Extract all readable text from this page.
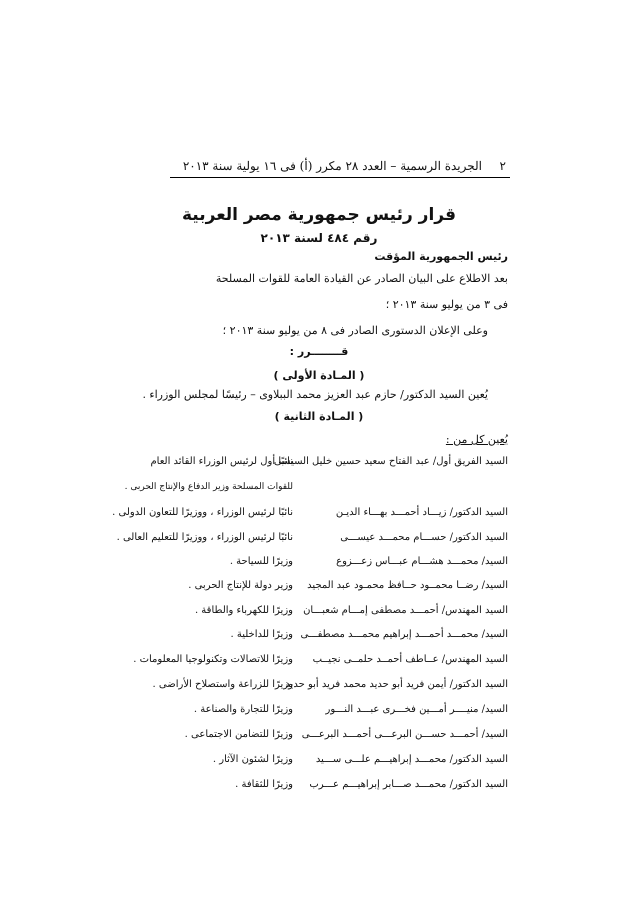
٢
الجريدة الرسمية – العدد ٢٨ مكرر (أ) فى ١٦ يولية سنة ٢٠١٣
قرار رئيس جمهورية مصر العربية
رقم ٤٨٤ لسنة ٢٠١٣
رئيس الجمهورية المؤقت
بعد الاطلاع على البيان الصادر عن القيادة العامة للقوات المسلحة
فى ٣ من يوليو سنة ٢٠١٣ ؛
وعلى الإعلان الدستورى الصادر فى ٨ من يوليو سنة ٢٠١٣ ؛
قــــــــرر :
( المـادة الأولى )
يُعين السيد الدكتور/ حازم عبد العزيز محمد الببلاوى – رئيسًا لمجلس الوزراء .
( المـادة الثانية )
يُعين كل من :
السيد الفريق أول/ عبد الفتاح سعيد حسين خليل السيسى
نائبًا أول لرئيس الوزراء القائد العام
للقوات المسلحة وزير الدفاع والإنتاج الحربى .
السيد الدكتور/ زيـــاد أحمـــد بهـــاء الديـن
نائبًا لرئيس الوزراء ، ووزيرًا للتعاون الدولى .
السيد الدكتور/ حســـام محمـــد عيســـى
نائبًا لرئيس الوزراء ، ووزيرًا للتعليم العالى .
السيد/ محمـــد هشـــام عبـــاس زعـــزوع
وزيرًا للسياحة .
السيد/ رضــا محمــود حــافظ محمـود عبد المجيد
وزير دولة للإنتاج الحربى .
السيد المهندس/ أحمـــد مصطفى إمـــام شعبـــان
وزيرًا للكهرباء والطاقة .
السيد/ محمـــد أحمـــد إبراهيم محمـــد مصطفـــى
وزيرًا للداخلية .
السيد المهندس/ عــاطف أحمــد حلمــى نجيــب
وزيرًا للاتصالات وتكنولوجيا المعلومات .
السيد الدكتور/ أيمن فريد أبو حديد محمد فريد أبو حديد
وزيرًا للزراعة واستصلاح الأراضى .
السيد/ منيــــر أمـــين فخـــرى عبـــد النـــور
وزيرًا للتجارة والصناعة .
السيد/ أحمـــد حســـن البرعـــى أحمـــد البرعـــى
وزيرًا للتضامن الاجتماعى .
السيد الدكتور/ محمـــد إبراهيـــم علـــى ســـيد
وزيرًا لشئون الآثار .
السيد الدكتور/ محمـــد صـــابر إبراهيـــم عـــرب
وزيرًا للثقافة .
